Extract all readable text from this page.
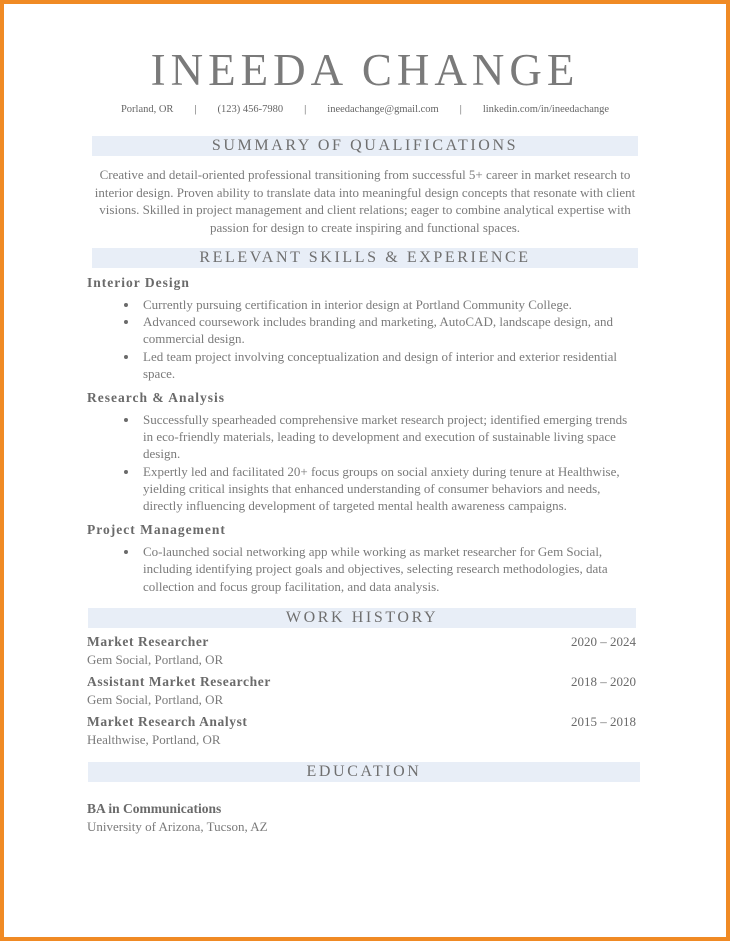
INEEDA CHANGE
Porland, OR | (123) 456-7980 | ineedachange@gmail.com | linkedin.com/in/ineedachange
SUMMARY OF QUALIFICATIONS

Creative and detail-oriented professional transitioning from successful 5+ career in market research to interior design. Proven ability to translate data into meaningful design concepts that resonate with client visions. Skilled in project management and client relations; eager to combine analytical expertise with passion for design to create inspiring and functional spaces.

RELEVANT SKILLS & EXPERIENCE
Interior Design
Currently pursuing certification in interior design at Portland Community College.
Advanced coursework includes branding and marketing, AutoCAD, landscape design, and commercial design.
Led team project involving conceptualization and design of interior and exterior residential space.
Research & Analysis
Successfully spearheaded comprehensive market research project; identified emerging trends in eco-friendly materials, leading to development and execution of sustainable living space design.
Expertly led and facilitated 20+ focus groups on social anxiety during tenure at Healthwise, yielding critical insights that enhanced understanding of consumer behaviors and needs, directly influencing development of targeted mental health awareness campaigns.
Project Management
Co-launched social networking app while working as market researcher for Gem Social, including identifying project goals and objectives, selecting research methodologies, data collection and focus group facilitation, and data analysis.
WORK HISTORY
Market Researcher	2020 – 2024
Gem Social, Portland, OR
Assistant Market Researcher	2018 – 2020
Gem Social, Portland, OR
Market Research Analyst	2015 – 2018
Healthwise, Portland, OR
EDUCATION
BA in Communications
University of Arizona, Tucson, AZ
